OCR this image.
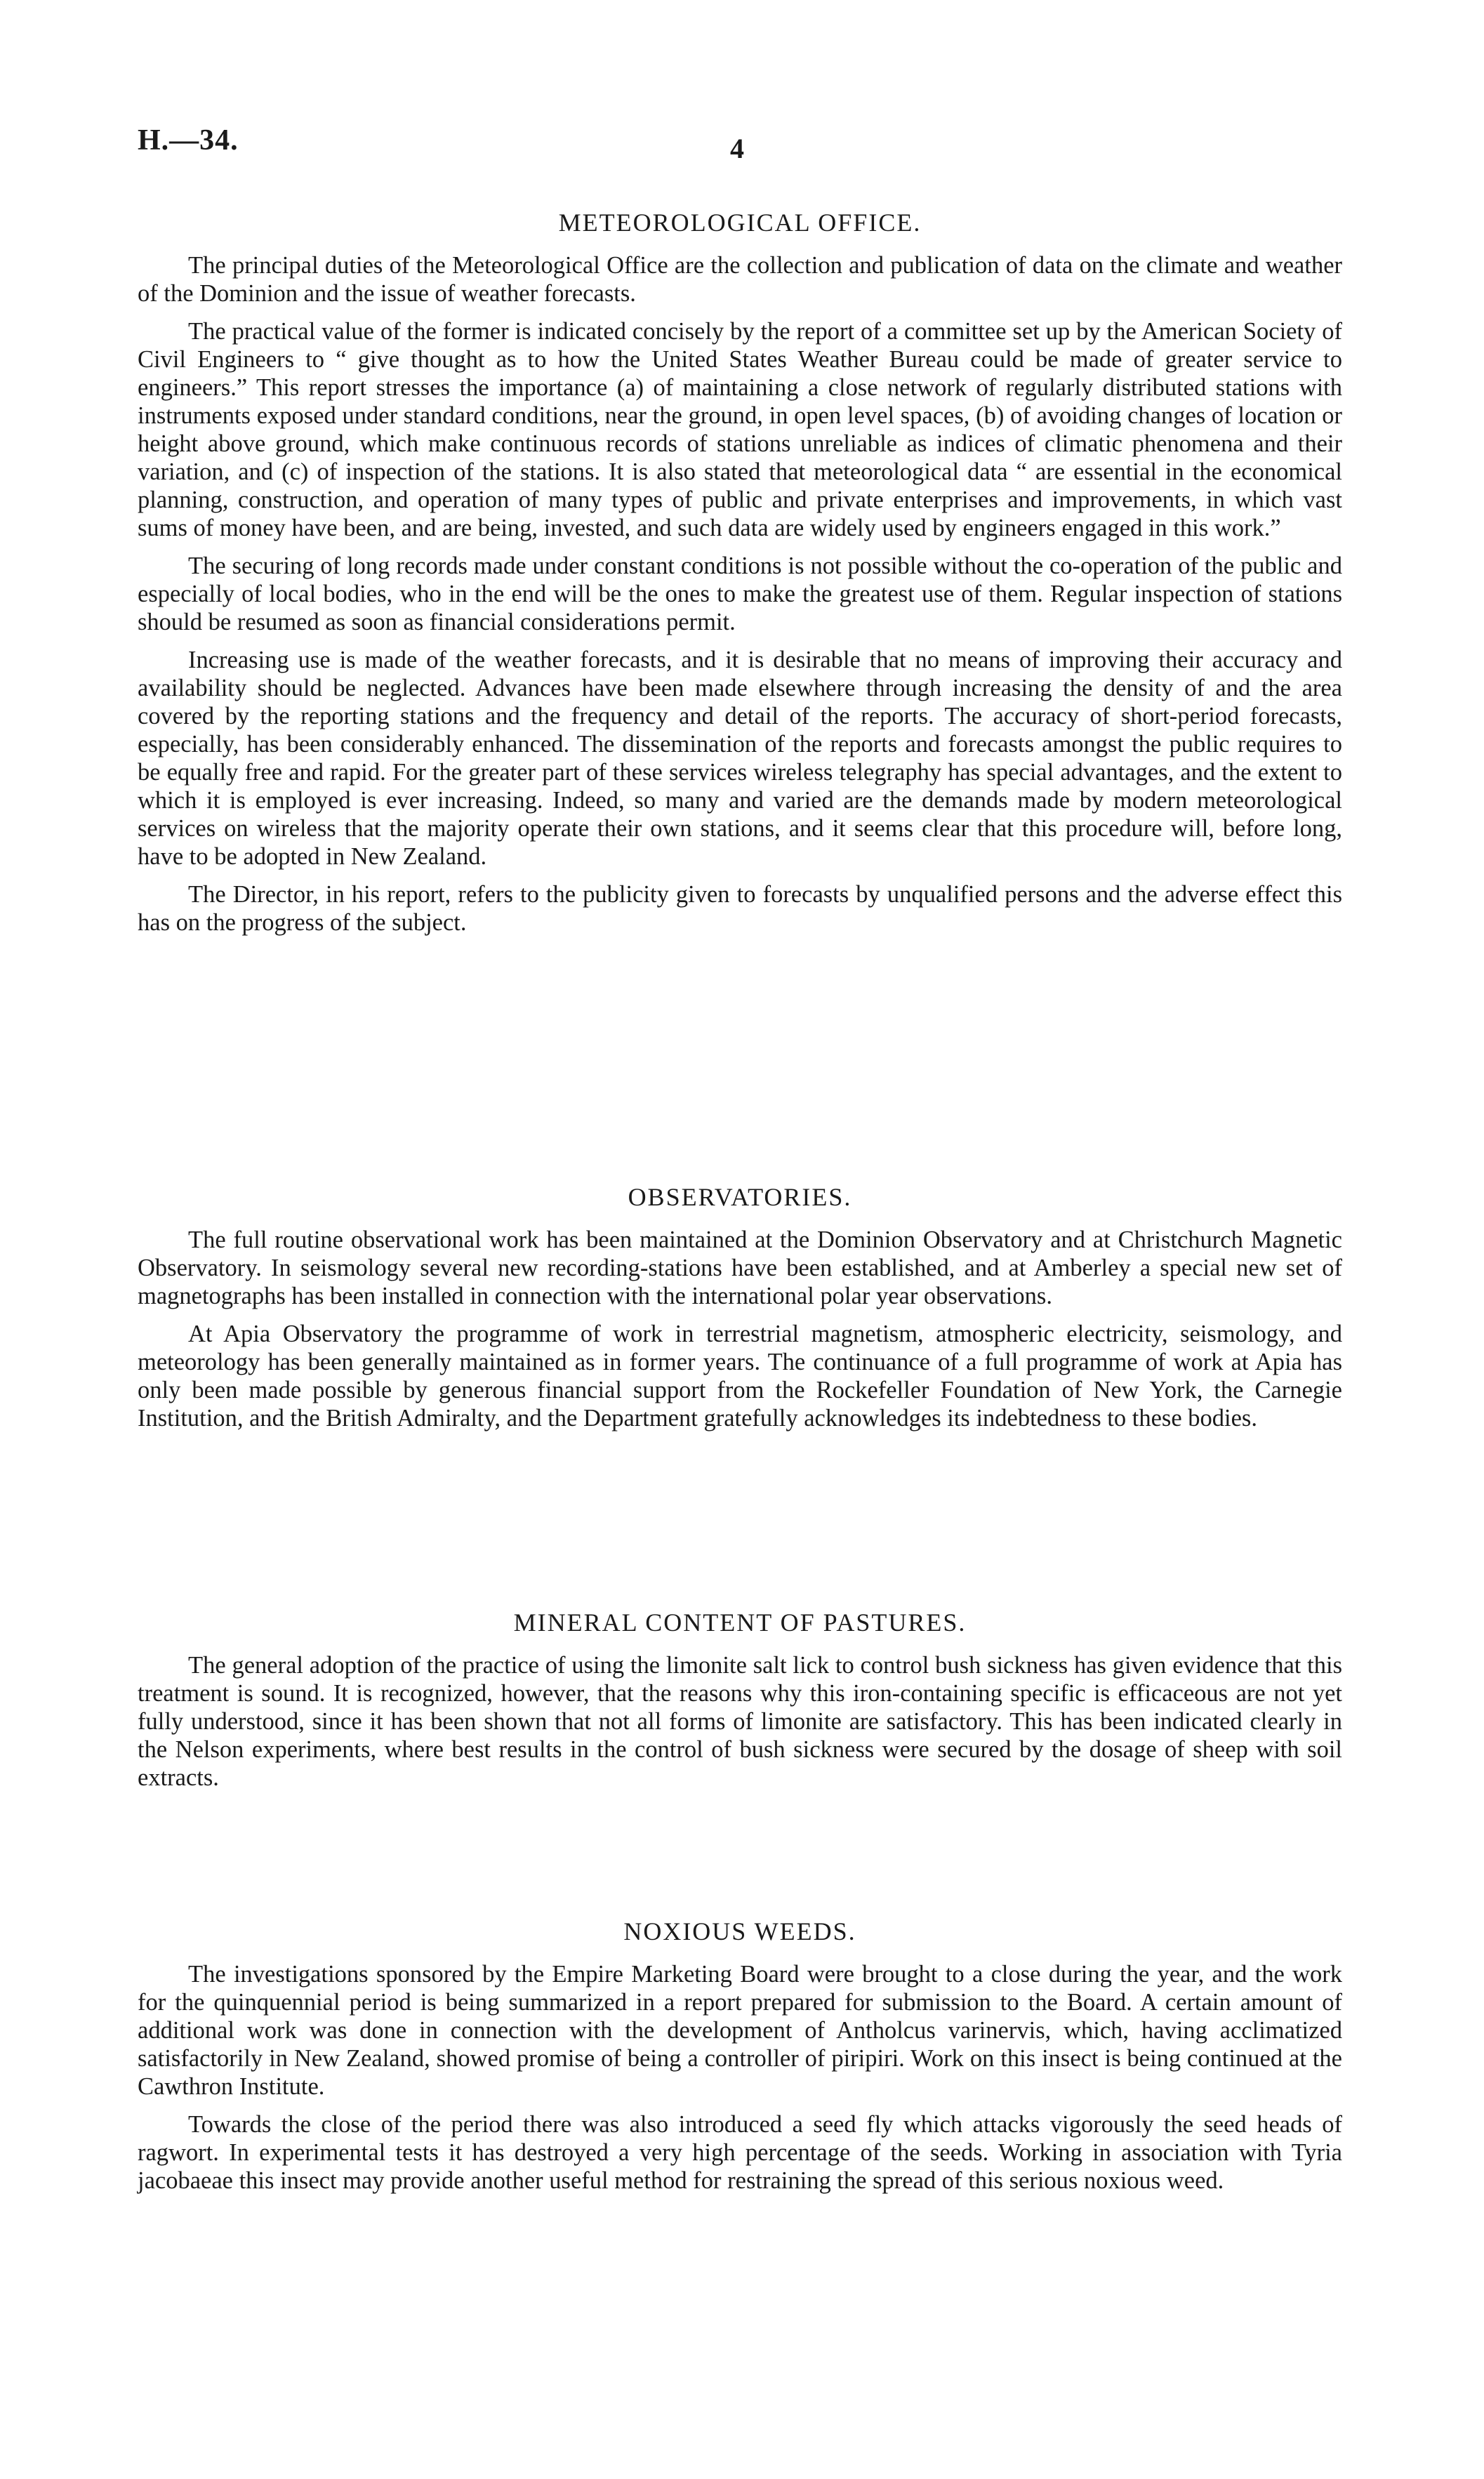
H.—34.	4
METEOROLOGICAL OFFICE.

The principal duties of the Meteorological Office are the collection and publication of data on the climate and weather of the Dominion and the issue of weather forecasts.

The practical value of the former is indicated concisely by the report of a committee set up by the American Society of Civil Engineers to “ give thought as to how the United States Weather Bureau could be made of greater service to engineers.” This report stresses the importance (a) of maintaining a close network of regularly distributed stations with instruments exposed under standard conditions, near the ground, in open level spaces, (b) of avoiding changes of location or height above ground, which make continuous records of stations unreliable as indices of climatic phenomena and their variation, and (c) of inspection of the stations. It is also stated that meteorological data “ are essential in the economical planning, construction, and operation of many types of public and private enterprises and improvements, in which vast sums of money have been, and are being, invested, and such data are widely used by engineers engaged in this work.”

The securing of long records made under constant conditions is not possible without the co-operation of the public and especially of local bodies, who in the end will be the ones to make the greatest use of them. Regular inspection of stations should be resumed as soon as financial considerations permit.

Increasing use is made of the weather forecasts, and it is desirable that no means of improving their accuracy and availability should be neglected. Advances have been made elsewhere through increasing the density of and the area covered by the reporting stations and the frequency and detail of the reports. The accuracy of short-period forecasts, especially, has been considerably enhanced. The dissemination of the reports and forecasts amongst the public requires to be equally free and rapid. For the greater part of these services wireless telegraphy has special advantages, and the extent to which it is employed is ever increasing. Indeed, so many and varied are the demands made by modern meteorological services on wireless that the majority operate their own stations, and it seems clear that this procedure will, before long, have to be adopted in New Zealand.

The Director, in his report, refers to the publicity given to forecasts by unqualified persons and the adverse effect this has on the progress of the subject.

OBSERVATORIES.

The full routine observational work has been maintained at the Dominion Observatory and at Christchurch Magnetic Observatory. In seismology several new recording-stations have been established, and at Amberley a special new set of magnetographs has been installed in connection with the international polar year observations.

At Apia Observatory the programme of work in terrestrial magnetism, atmospheric electricity, seismology, and meteorology has been generally maintained as in former years. The continuance of a full programme of work at Apia has only been made possible by generous financial support from the Rockefeller Foundation of New York, the Carnegie Institution, and the British Admiralty, and the Department gratefully acknowledges its indebtedness to these bodies.

MINERAL CONTENT OF PASTURES.

The general adoption of the practice of using the limonite salt lick to control bush sickness has given evidence that this treatment is sound. It is recognized, however, that the reasons why this iron-containing specific is efficaceous are not yet fully understood, since it has been shown that not all forms of limonite are satisfactory. This has been indicated clearly in the Nelson experiments, where best results in the control of bush sickness were secured by the dosage of sheep with soil extracts.

NOXIOUS WEEDS.

The investigations sponsored by the Empire Marketing Board were brought to a close during the year, and the work for the quinquennial period is being summarized in a report prepared for submission to the Board. A certain amount of additional work was done in connection with the development of Antholcus varinervis, which, having acclimatized satisfactorily in New Zealand, showed promise of being a controller of piripiri. Work on this insect is being continued at the Cawthron Institute.

Towards the close of the period there was also introduced a seed fly which attacks vigorously the seed heads of ragwort. In experimental tests it has destroyed a very high percentage of the seeds. Working in association with Tyria jacobaeae this insect may provide another useful method for restraining the spread of this serious noxious weed.
